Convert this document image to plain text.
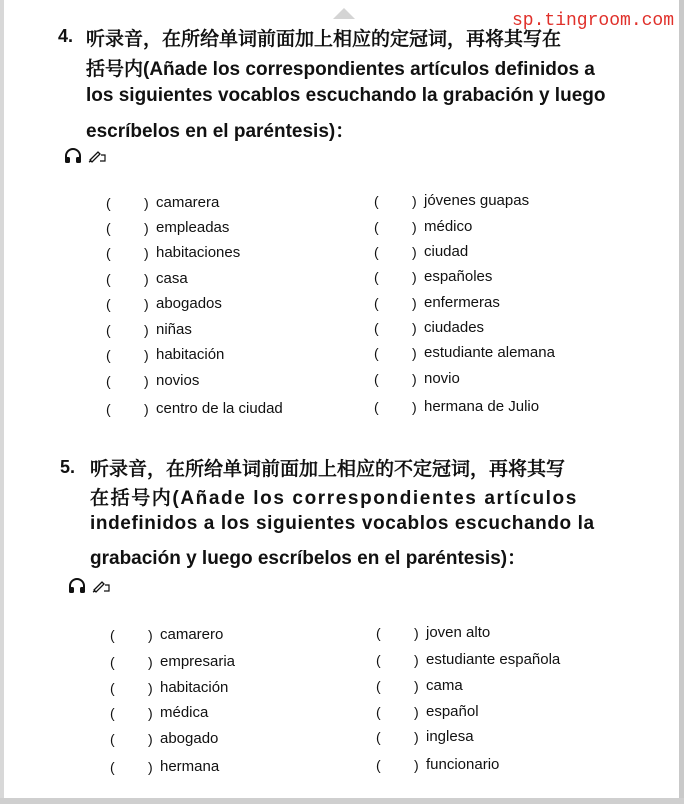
sp.tingroom.com
4. 听录音，在所给单词前面加上相应的定冠词，再将其写在
括号内(Añade los correspondientes artículos definidos a
los siguientes vocablos escuchando la grabación y luego
escríbelos en el paréntesis)：
( ) camarera
( ) empleadas
( ) habitaciones
( ) casa
( ) abogados
( ) niñas
( ) habitación
( ) novios
( ) centro de la ciudad
( ) jóvenes guapas
( ) médico
( ) ciudad
( ) españoles
( ) enfermeras
( ) ciudades
( ) estudiante alemana
( ) novio
( ) hermana de Julio
5. 听录音，在所给单词前面加上相应的不定冠词，再将其写
在括号内(Añade los correspondientes artículos
indefinidos a los siguientes vocablos escuchando la
grabación y luego escríbelos en el paréntesis)：
( ) camarero
( ) empresaria
( ) habitación
( ) médica
( ) abogado
( ) hermana
( ) joven alto
( ) estudiante española
( ) cama
( ) español
( ) inglesa
( ) funcionario
